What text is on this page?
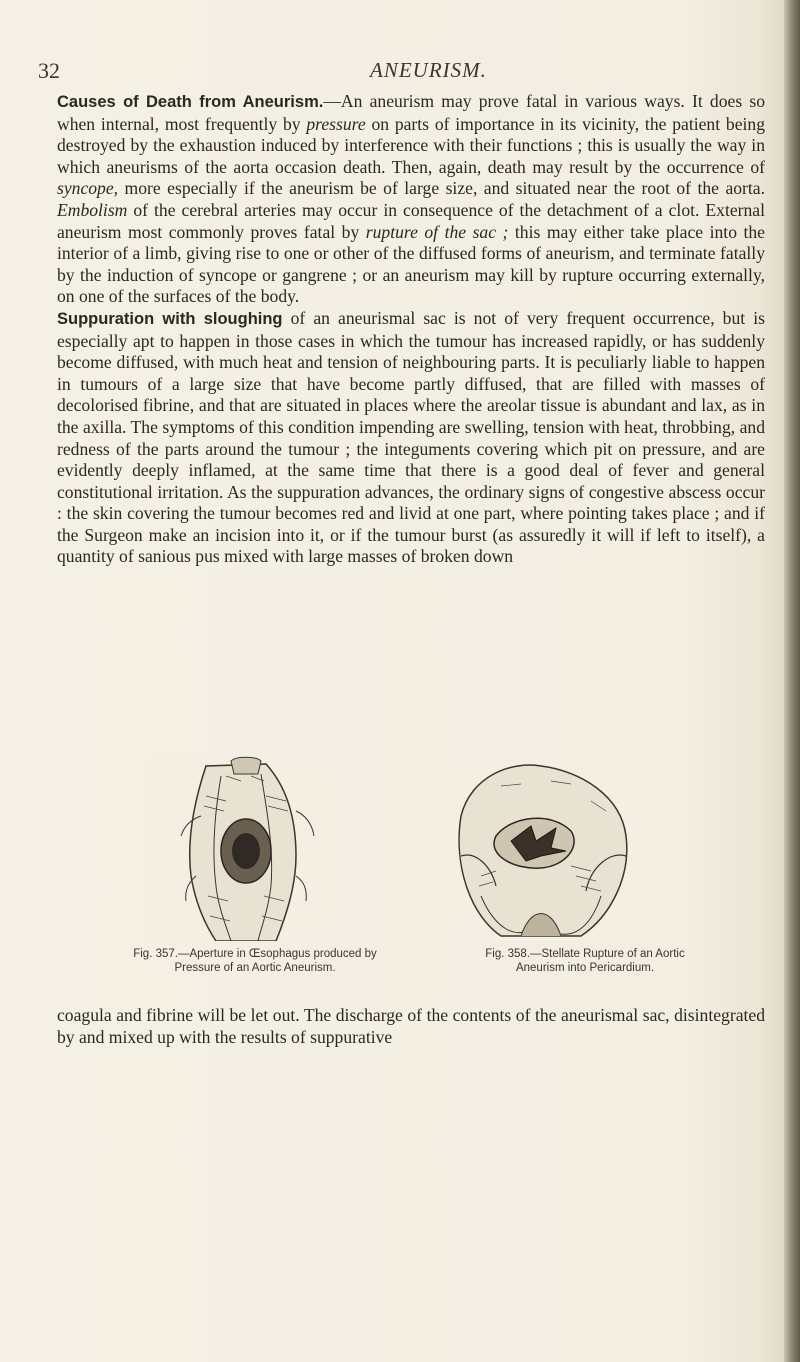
32	ANEURISM.

Causes of Death from Aneurism.—An aneurism may prove fatal in various ways. It does so when internal, most frequently by pressure on parts of importance in its vicinity, the patient being destroyed by the exhaustion induced by interference with their functions ; this is usually the way in which aneurisms of the aorta occasion death. Then, again, death may result by the occurrence of syncope, more especially if the aneurism be of large size, and situated near the root of the aorta. Embolism of the cerebral arteries may occur in consequence of the detachment of a clot. External aneurism most commonly proves fatal by rupture of the sac ; this may either take place into the interior of a limb, giving rise to one or other of the diffused forms of aneurism, and terminate fatally by the induction of syncope or gangrene ; or an aneurism may kill by rupture occurring externally, on one of the surfaces of the body.

Suppuration with sloughing of an aneurismal sac is not of very frequent occurrence, but is especially apt to happen in those cases in which the tumour has increased rapidly, or has suddenly become diffused, with much heat and tension of neighbouring parts. It is peculiarly liable to happen in tumours of a large size that have become partly diffused, that are filled with masses of decolorised fibrine, and that are situated in places where the areolar tissue is abundant and lax, as in the axilla. The symptoms of this condition impending are swelling, tension with heat, throbbing, and redness of the parts around the tumour ; the integuments covering which pit on pressure, and are evidently deeply inflamed, at the same time that there is a good deal of fever and general constitutional irritation. As the suppuration advances, the ordinary signs of congestive abscess occur : the skin covering the tumour becomes red and livid at one part, where pointing takes place ; and if the Surgeon make an incision into it, or if the tumour burst (as assuredly it will if left to itself), a quantity of sanious pus mixed with large masses of broken down

Fig. 357.—Aperture in Œsophagus produced by Pressure of an Aortic Aneurism.
Fig. 358.—Stellate Rupture of an Aortic Aneurism into Pericardium.

coagula and fibrine will be let out. The discharge of the contents of the aneurismal sac, disintegrated by and mixed up with the results of suppurative
